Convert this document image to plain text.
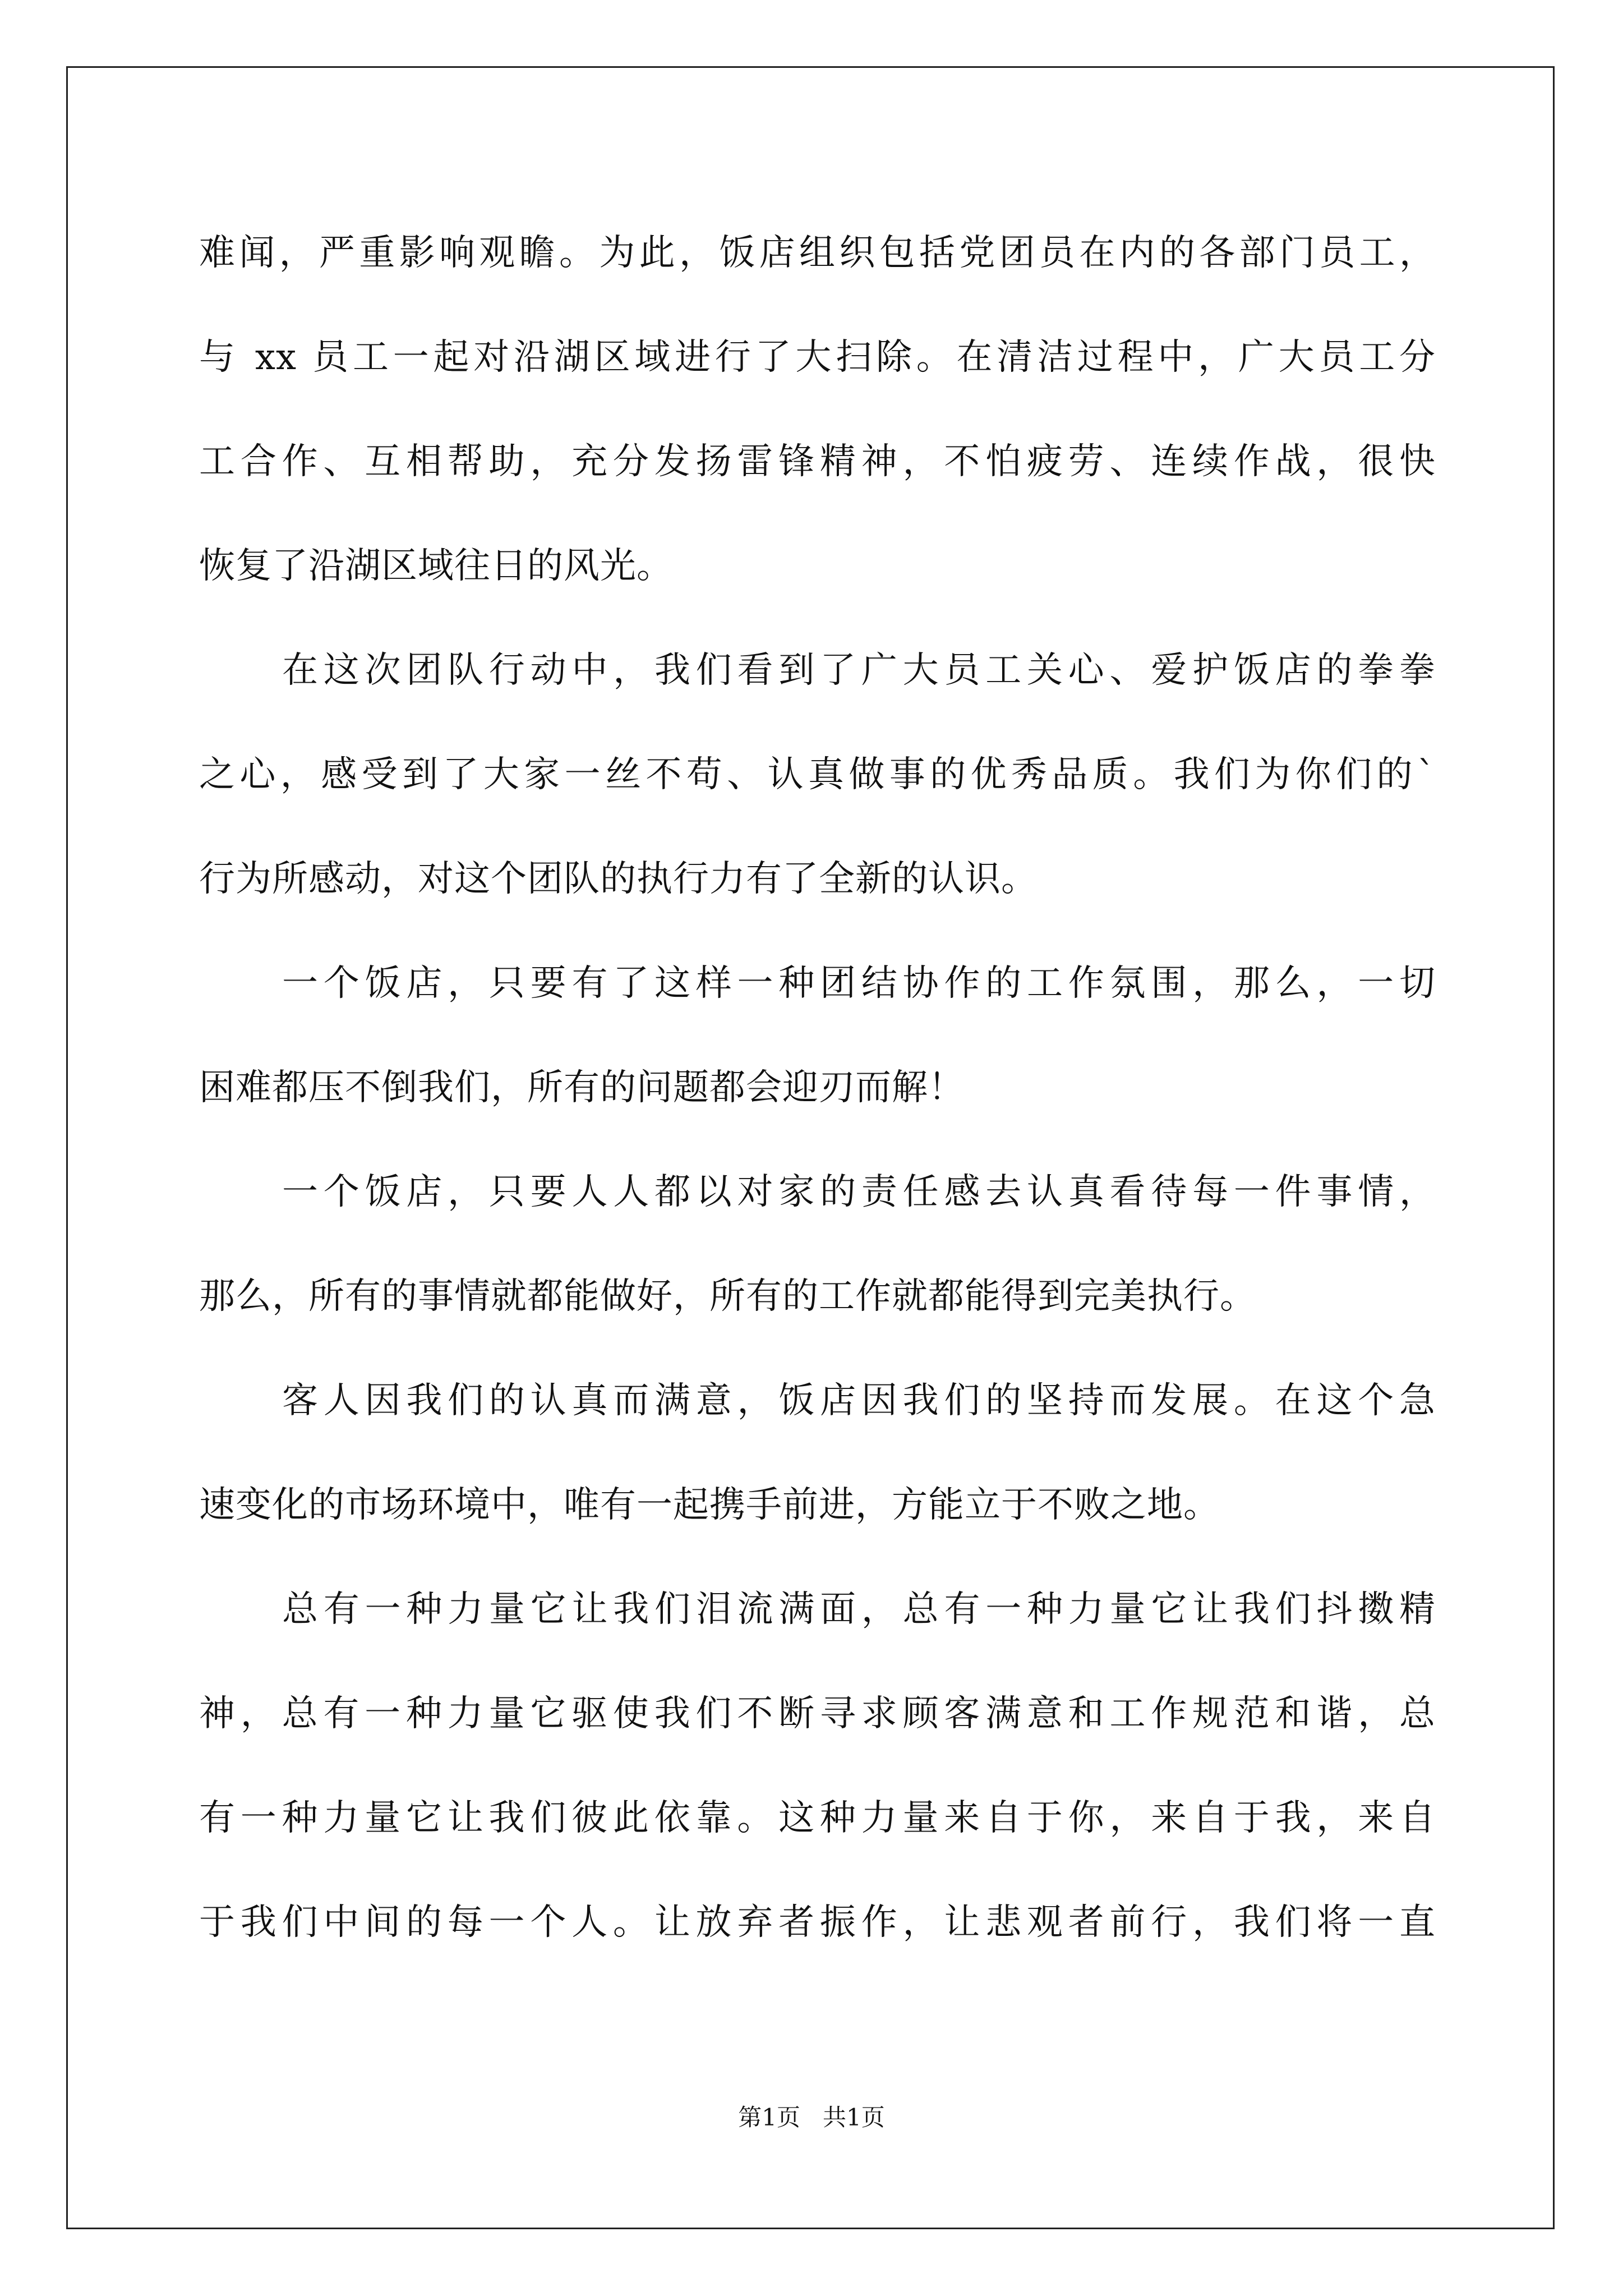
难闻，严重影响观瞻。为此，饭店组织包括党团员在内的各部门员工，
与 xx 员工一起对沿湖区域进行了大扫除。在清洁过程中，广大员工分
工合作、互相帮助，充分发扬雷锋精神，不怕疲劳、连续作战，很快
恢复了沿湖区域往日的风光。
在这次团队行动中，我们看到了广大员工关心、爱护饭店的拳拳
之心，感受到了大家一丝不苟、认真做事的优秀品质。我们为你们的`
行为所感动，对这个团队的执行力有了全新的认识。
一个饭店，只要有了这样一种团结协作的工作氛围，那么，一切
困难都压不倒我们，所有的问题都会迎刃而解！
一个饭店，只要人人都以对家的责任感去认真看待每一件事情，
那么，所有的事情就都能做好，所有的工作就都能得到完美执行。
客人因我们的认真而满意，饭店因我们的坚持而发展。在这个急
速变化的市场环境中，唯有一起携手前进，方能立于不败之地。
总有一种力量它让我们泪流满面，总有一种力量它让我们抖擞精
神，总有一种力量它驱使我们不断寻求顾客满意和工作规范和谐，总
有一种力量它让我们彼此依靠。这种力量来自于你，来自于我，来自
于我们中间的每一个人。让放弃者振作，让悲观者前行，我们将一直
第1页 共1页
